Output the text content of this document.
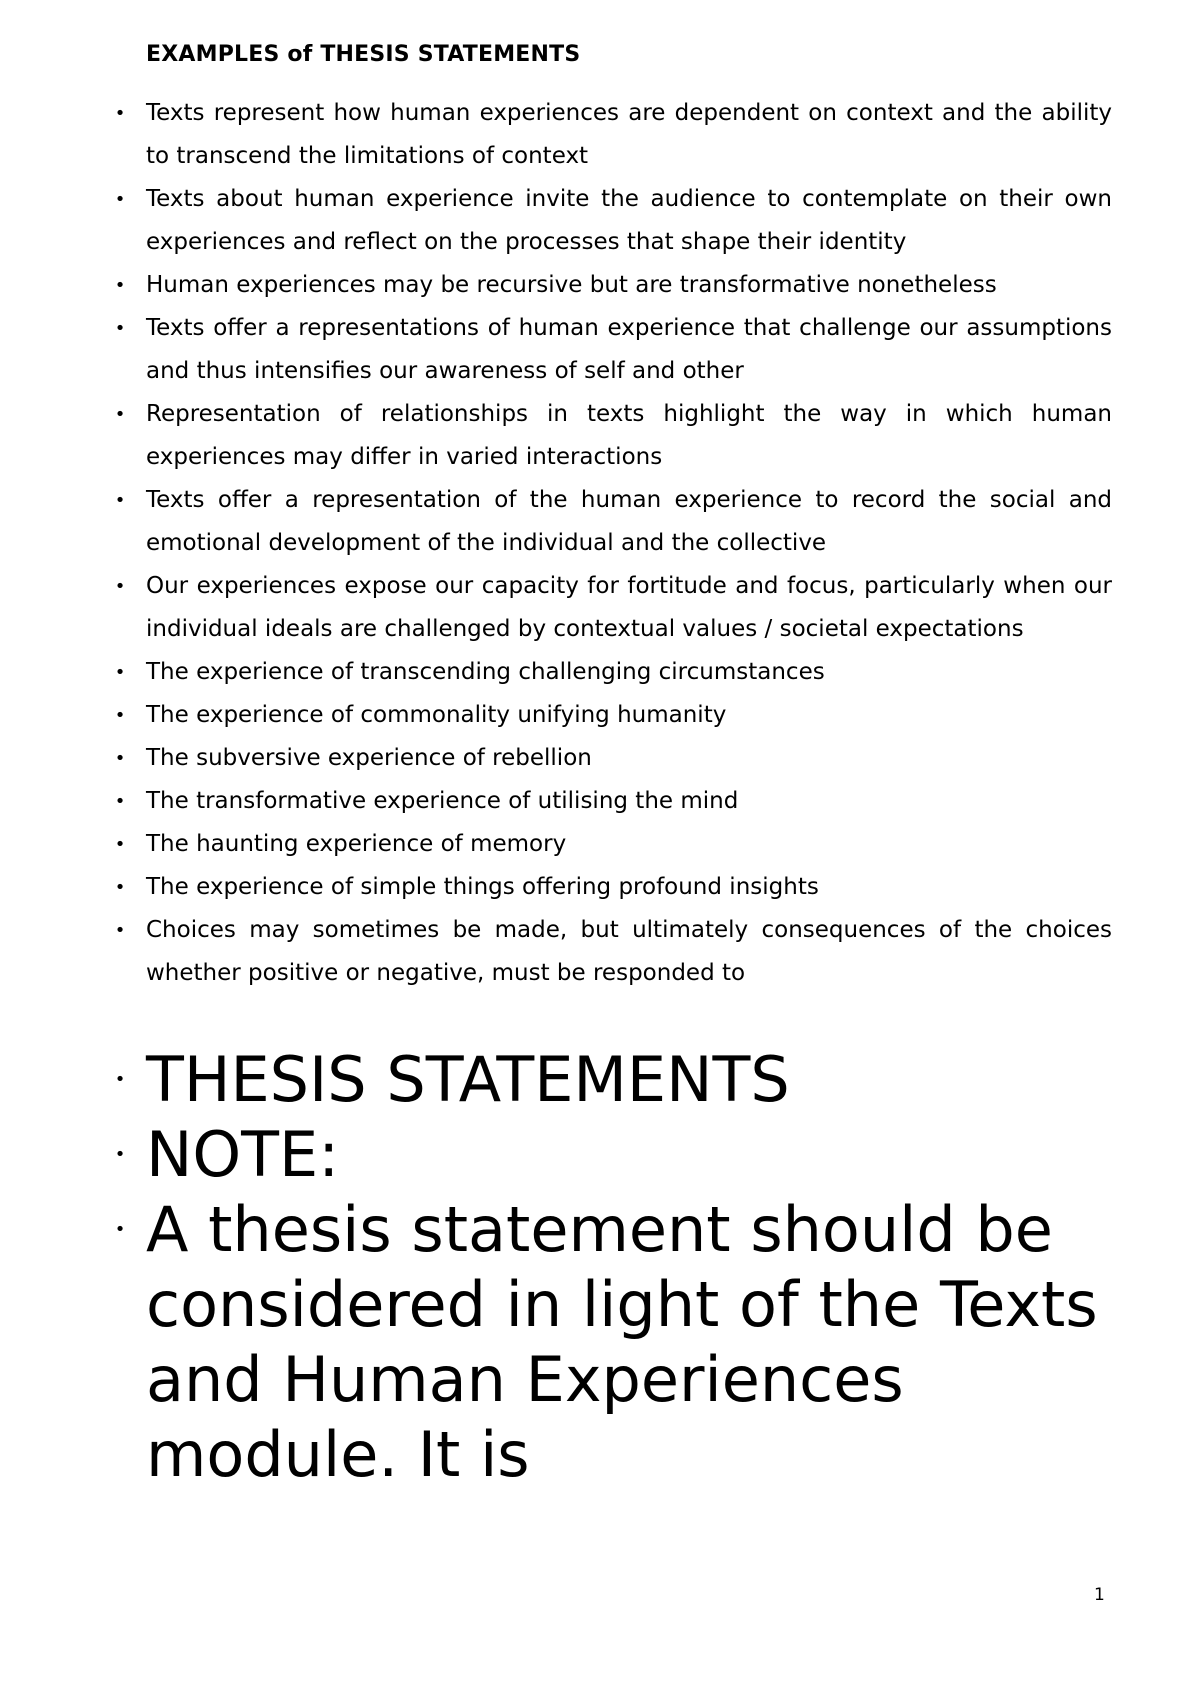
EXAMPLES of THESIS STATEMENTS
• Texts represent how human experiences are dependent on context and the ability to transcend the limitations of context
• Texts about human experience invite the audience to contemplate on their own experiences and reflect on the processes that shape their identity
• Human experiences may be recursive but are transformative nonetheless
• Texts offer a representations of human experience that challenge our assumptions and thus intensifies our awareness of self and other
• Representation of relationships in texts highlight the way in which human experiences may differ in varied interactions
• Texts offer a representation of the human experience to record the social and emotional development of the individual and the collective
• Our experiences expose our capacity for fortitude and focus, particularly when our individual ideals are challenged by contextual values / societal expectations
• The experience of transcending challenging circumstances
• The experience of commonality unifying humanity
• The subversive experience of rebellion
• The transformative experience of utilising the mind
• The haunting experience of memory
• The experience of simple things offering profound insights
• Choices may sometimes be made, but ultimately consequences of the choices whether positive or negative, must be responded to
• THESIS STATEMENTS
• NOTE:
• A thesis statement should be considered in light of the Texts and Human Experiences module. It is
1
